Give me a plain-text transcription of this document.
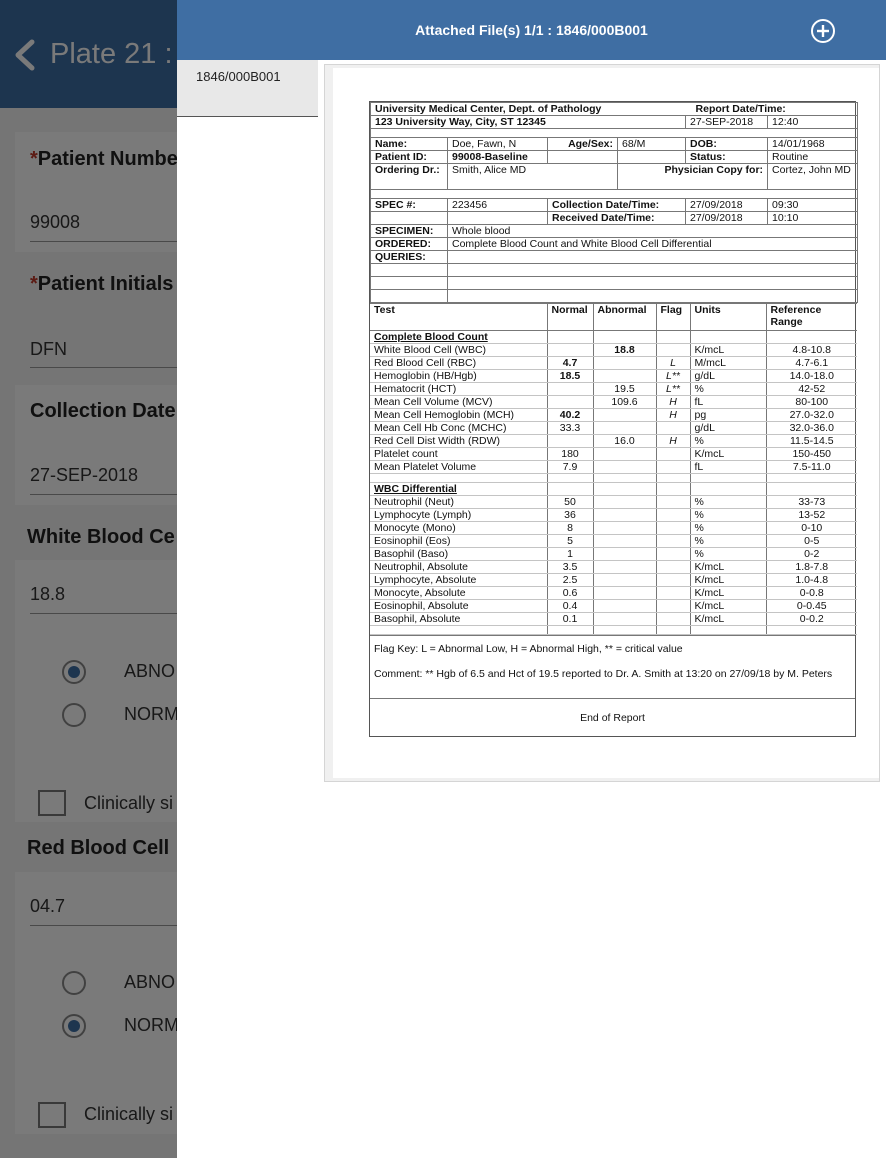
Attached File(s) 1/1 : 1846/000B001
1846/000B001
University Medical Center, Dept. of Pathology					Report Date/Time:
123 University Way, City, ST 12345				27-SEP-2018	12:40

Name:	Doe, Fawn, N	Age/Sex:	68/M	DOB:	14/01/1968
Patient ID:	99008-Baseline			Status:	Routine
Ordering Dr.:	Smith, Alice MD		Physician Copy for:		Cortez, John MD

SPEC #:	223456	Collection Date/Time:		27/09/2018	09:30
		Received Date/Time:		27/09/2018	10:10
SPECIMEN:	Whole blood				
ORDERED:	Complete Blood Count and White Blood Cell Differential				
QUERIES:					

Test	Normal	Abnormal	Flag	Units	Reference Range
Complete Blood Count					
White Blood Cell (WBC)		18.8		K/mcL	4.8-10.8
Red Blood Cell (RBC)	4.7		L	M/mcL	4.7-6.1
Hemoglobin (HB/Hgb)	18.5		L**	g/dL	14.0-18.0
Hematocrit (HCT)		19.5	L**	%	42-52
Mean Cell Volume (MCV)		109.6	H	fL	80-100
Mean Cell Hemoglobin (MCH)	40.2		H	pg	27.0-32.0
Mean Cell Hb Conc (MCHC)	33.3			g/dL	32.0-36.0
Red Cell Dist Width (RDW)		16.0	H	%	11.5-14.5
Platelet count	180			K/mcL	150-450
Mean Platelet Volume	7.9			fL	7.5-11.0

WBC Differential					
Neutrophil (Neut)	50			%	33-73
Lymphocyte (Lymph)	36			%	13-52
Monocyte (Mono)	8			%	0-10
Eosinophil (Eos)	5			%	0-5
Basophil (Baso)	1			%	0-2
Neutrophil, Absolute	3.5			K/mcL	1.8-7.8
Lymphocyte, Absolute	2.5			K/mcL	1.0-4.8
Monocyte, Absolute	0.6			K/mcL	0-0.8
Eosinophil, Absolute	0.4			K/mcL	0-0.45
Basophil, Absolute	0.1			K/mcL	0-0.2

Flag Key: L = Abnormal Low, H = Abnormal High, ** = critical value

Comment: ** Hgb of 6.5 and Hct of 19.5 reported to Dr. A. Smith at 13:20 on 27/09/18 by M. Peters

End of Report
